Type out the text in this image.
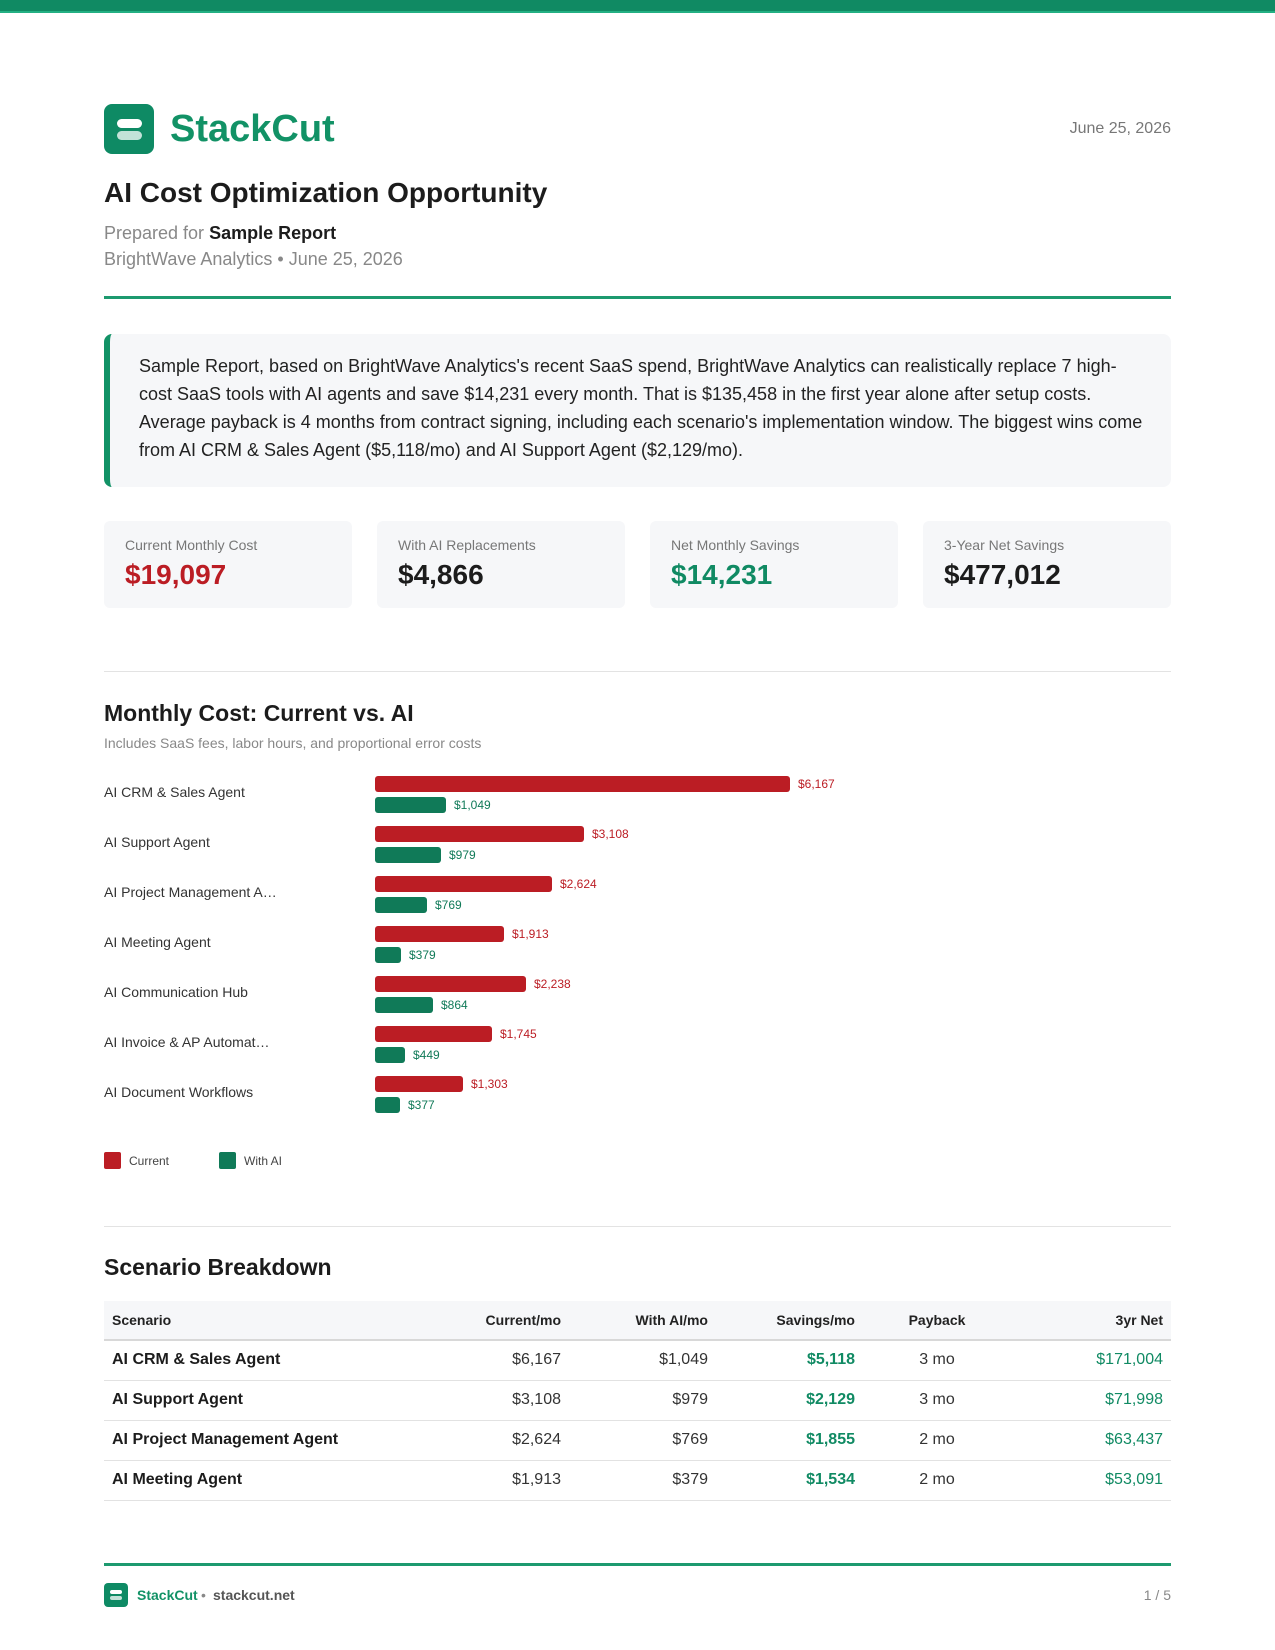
StackCut	June 25, 2026
AI Cost Optimization Opportunity
Prepared for Sample Report
BrightWave Analytics • June 25, 2026
Sample Report, based on BrightWave Analytics's recent SaaS spend, BrightWave Analytics can realistically replace 7 high-cost SaaS tools with AI agents and save $14,231 every month. That is $135,458 in the first year alone after setup costs. Average payback is 4 months from contract signing, including each scenario's implementation window. The biggest wins come from AI CRM & Sales Agent ($5,118/mo) and AI Support Agent ($2,129/mo).
Current Monthly Cost
$19,097
With AI Replacements
$4,866
Net Monthly Savings
$14,231
3-Year Net Savings
$477,012
Monthly Cost: Current vs. AI
Includes SaaS fees, labor hours, and proportional error costs
AI CRM & Sales Agent	$6,167
$1,049
AI Support Agent	$3,108
$979
AI Project Management A…	$2,624
$769
AI Meeting Agent	$1,913
$379
AI Communication Hub	$2,238
$864
AI Invoice & AP Automat…	$1,745
$449
AI Document Workflows	$1,303
$377
Current	With AI
Scenario Breakdown
Scenario	Current/mo	With AI/mo	Savings/mo	Payback	3yr Net
AI CRM & Sales Agent	$6,167	$1,049	$5,118	3 mo	$171,004
AI Support Agent	$3,108	$979	$2,129	3 mo	$71,998
AI Project Management Agent	$2,624	$769	$1,855	2 mo	$63,437
AI Meeting Agent	$1,913	$379	$1,534	2 mo	$53,091
StackCut • stackcut.net	1 / 5
